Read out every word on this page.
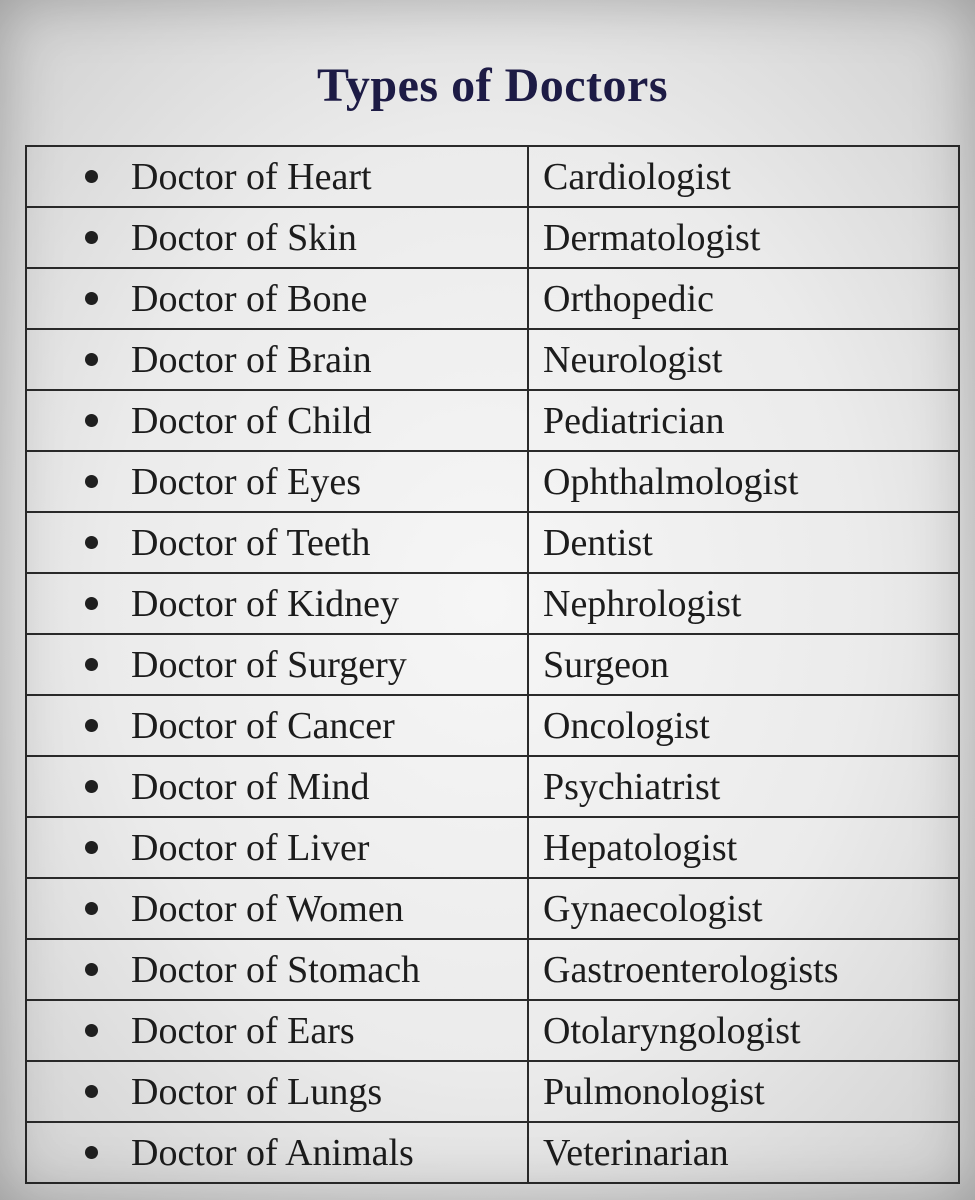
Types of Doctors
Doctor of Heart	Cardiologist

Doctor of Skin	Dermatologist

Doctor of Bone	Orthopedic

Doctor of Brain	Neurologist

Doctor of Child	Pediatrician

Doctor of Eyes	Ophthalmologist

Doctor of Teeth	Dentist

Doctor of Kidney	Nephrologist

Doctor of Surgery	Surgeon

Doctor of Cancer	Oncologist

Doctor of Mind	Psychiatrist

Doctor of Liver	Hepatologist

Doctor of Women	Gynaecologist

Doctor of Stomach	Gastroenterologists

Doctor of Ears	Otolaryngologist

Doctor of Lungs	Pulmonologist

Doctor of Animals	Veterinarian
